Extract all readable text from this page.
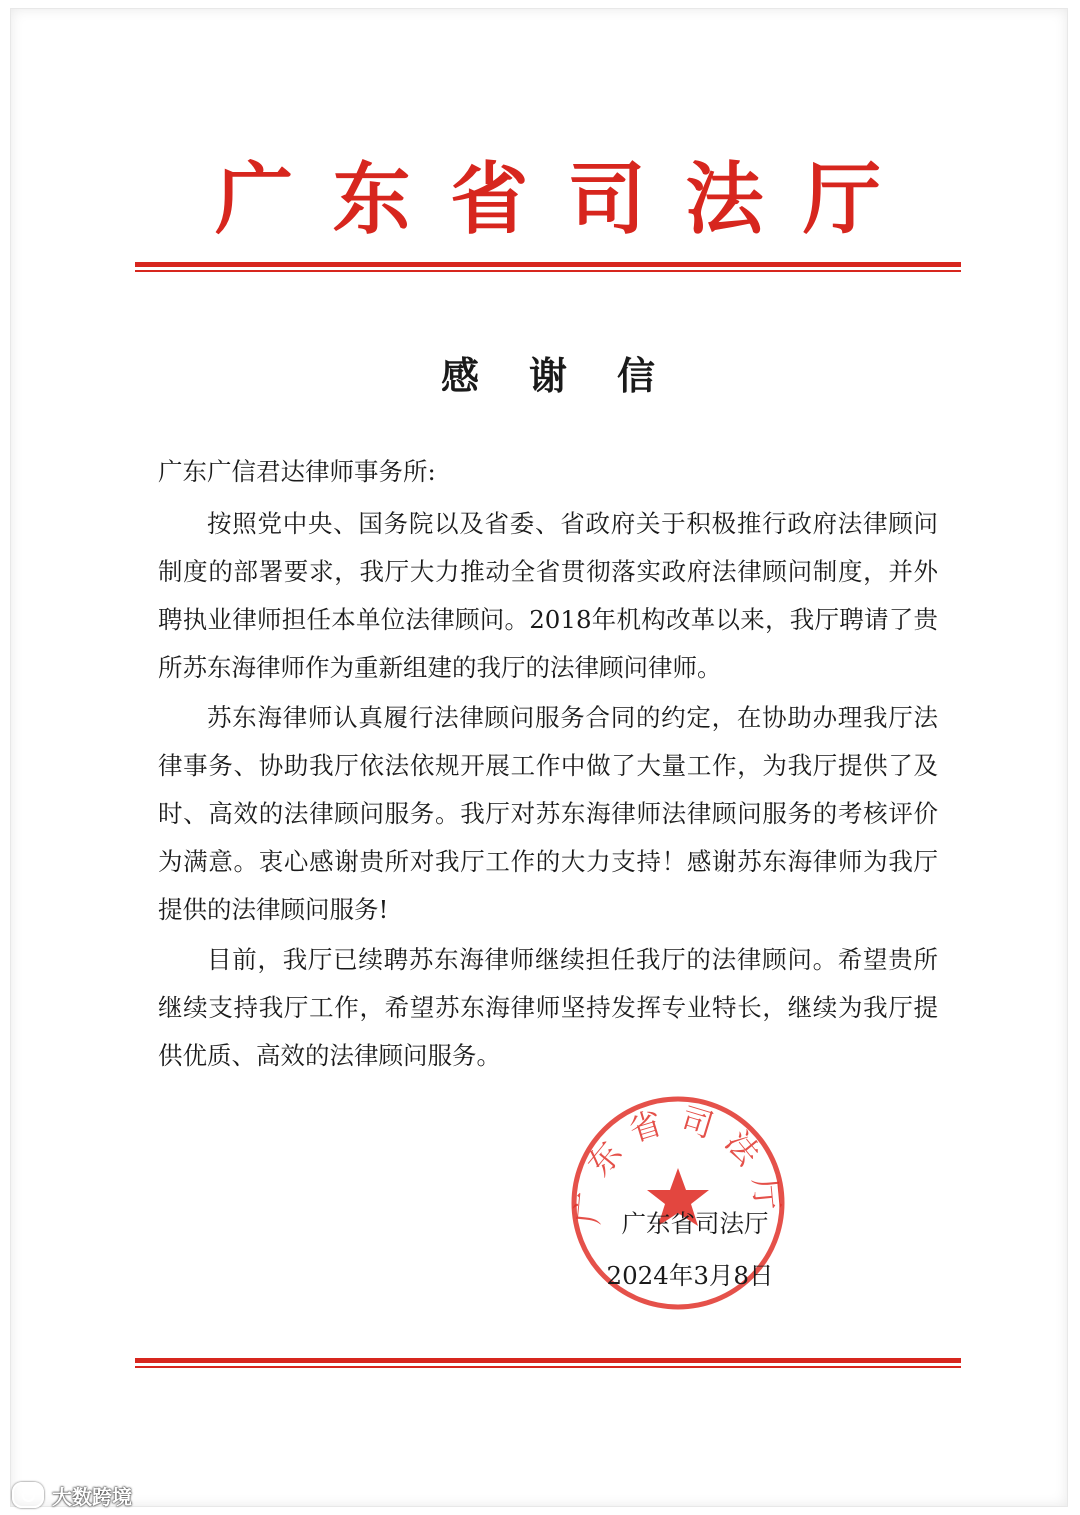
广 东 省 司 法 厅
感谢信

广东广信君达律师事务所:

按照党中央、国务院以及省委、省政府关于积极推行政府法律顾问制度的部署要求，我厅大力推动全省贯彻落实政府法律顾问制度，并外聘执业律师担任本单位法律顾问。2018年机构改革以来，我厅聘请了贵所苏东海律师作为重新组建的我厅的法律顾问律师。

苏东海律师认真履行法律顾问服务合同的约定，在协助办理我厅法律事务、协助我厅依法依规开展工作中做了大量工作，为我厅提供了及时、高效的法律顾问服务。我厅对苏东海律师法律顾问服务的考核评价为满意。衷心感谢贵所对我厅工作的大力支持！感谢苏东海律师为我厅提供的法律顾问服务!

目前，我厅已续聘苏东海律师继续担任我厅的法律顾问。希望贵所继续支持我厅工作，希望苏东海律师坚持发挥专业特长，继续为我厅提供优质、高效的法律顾问服务。

广东省司法厅
广东省司法厅
2024年3月8日
大数跨境
